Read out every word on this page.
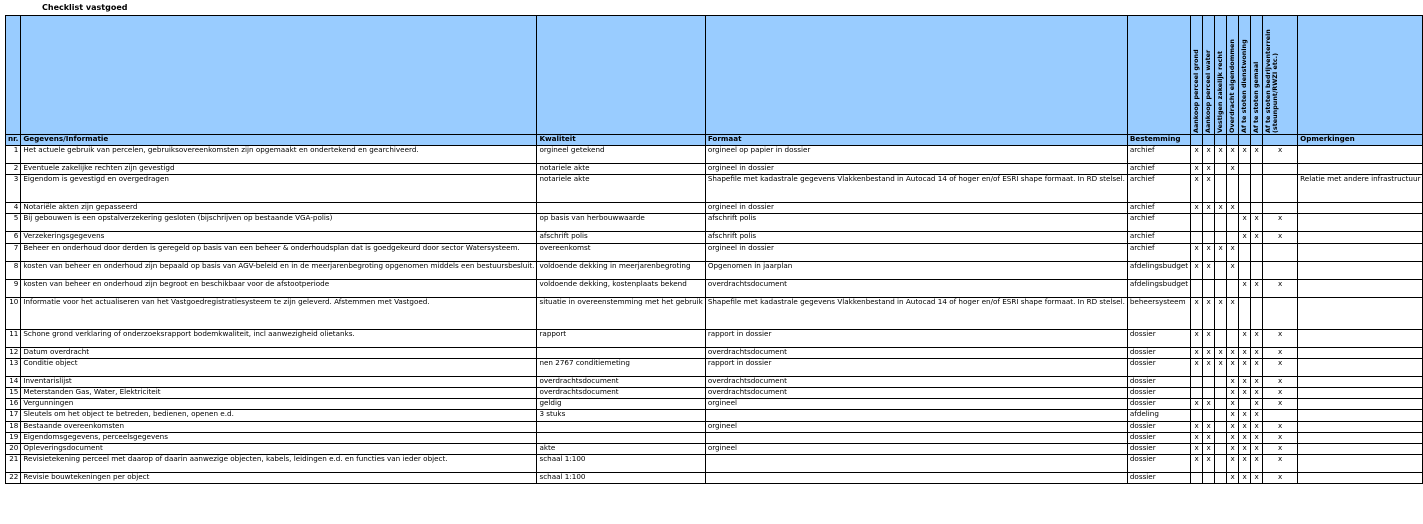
Checklist vastgoed

					Aankoop perceel grond	Aankoop perceel water	Vestigen zakelijk recht	Overdracht eigendommen	Af te stoten dienstwoning	Af te stoten gemaal	Af te stoten bedrijventerrein (steunpunt/RWZI etc.)	

nr.	Gegevens/Informatie	Kwaliteit	Formaat	Bestemming								Opmerkingen
1	Het actuele gebruik van percelen, gebruiksovereenkomsten zijn opgemaakt en ondertekend en gearchiveerd.	orgineel getekend	orgineel op papier in dossier	archief	x	x	x	x	x	x	x	
2	Eventuele zakelijke rechten zijn gevestigd	notariele akte	orgineel in dossier	archief	x	x		x				
3	Eigendom is gevestigd en overgedragen	notariele akte	Shapefile met kadastrale gegevens Vlakkenbestand in Autocad 14 of hoger en/of ESRI shape formaat. In RD stelsel.	archief	x	x						Relatie met andere infrastructuur
4	Notariële akten zijn gepasseerd		orgineel in dossier	archief	x	x	x	x				
5	Bij gebouwen is een opstalverzekering gesloten (bijschrijven op bestaande VGA-polis)	op basis van herbouwwaarde	afschrift polis	archief					x	x	x	
6	Verzekeringsgegevens	afschrift polis	afschrift polis	archief					x	x	x	
7	Beheer en onderhoud door derden is geregeld op basis van een beheer & onderhoudsplan dat is goedgekeurd door sector Watersysteem.	overeenkomst	orgineel in dossier	archief	x	x	x	x				
8	kosten van beheer en onderhoud zijn bepaald op basis van AGV-beleid en in de meerjarenbegroting opgenomen middels een bestuursbesluit.	voldoende dekking in meerjarenbegroting	Opgenomen in jaarplan	afdelingsbudget	x	x		x				
9	kosten van beheer en onderhoud zijn begroot en beschikbaar voor de afstootperiode	voldoende dekking, kostenplaats bekend	overdrachtsdocument	afdelingsbudget					x	x	x	
10	Informatie voor het actualiseren van het Vastgoedregistratiesysteem te zijn geleverd. Afstemmen met Vastgoed.	situatie in overeenstemming met het gebruik	Shapefile met kadastrale gegevens Vlakkenbestand in Autocad 14 of hoger en/of ESRI shape formaat. In RD stelsel.	beheersysteem	x	x	x	x				
11	Schone grond verklaring of onderzoeksrapport bodemkwaliteit, incl aanwezigheid olietanks.	rapport	rapport in dossier	dossier	x	x			x	x	x	
12	Datum overdracht		overdrachtsdocument	dossier	x	x	x	x	x	x	x	
13	Conditie object	nen 2767 conditiemeting	rapport in dossier	dossier	x	x	x	x	x	x	x	
14	Inventarislijst	overdrachtsdocument	overdrachtsdocument	dossier				x	x	x	x	
15	Meterstanden Gas, Water, Elektriciteit	overdrachtsdocument	overdrachtsdocument	dossier				x	x	x	x	
16	Vergunningen	geldig	orgineel	dossier	x	x		x		x	x	
17	Sleutels om het object te betreden, bedienen, openen e.d.	3 stuks		afdeling				x	x	x		
18	Bestaande overeenkomsten		orgineel	dossier	x	x		x	x	x	x	
19	Eigendomsgegevens, perceelsgegevens			dossier	x	x		x	x	x	x	
20	Opleveringsdocument	akte	orgineel	dossier	x	x		x	x	x	x	
21	Revisietekening perceel met daarop of daarin aanwezige objecten, kabels, leidingen e.d. en functies van ieder object.	schaal 1:100		dossier	x	x		x	x	x	x	
22	Revisie bouwtekeningen per object	schaal 1:100		dossier				x	x	x	x	
